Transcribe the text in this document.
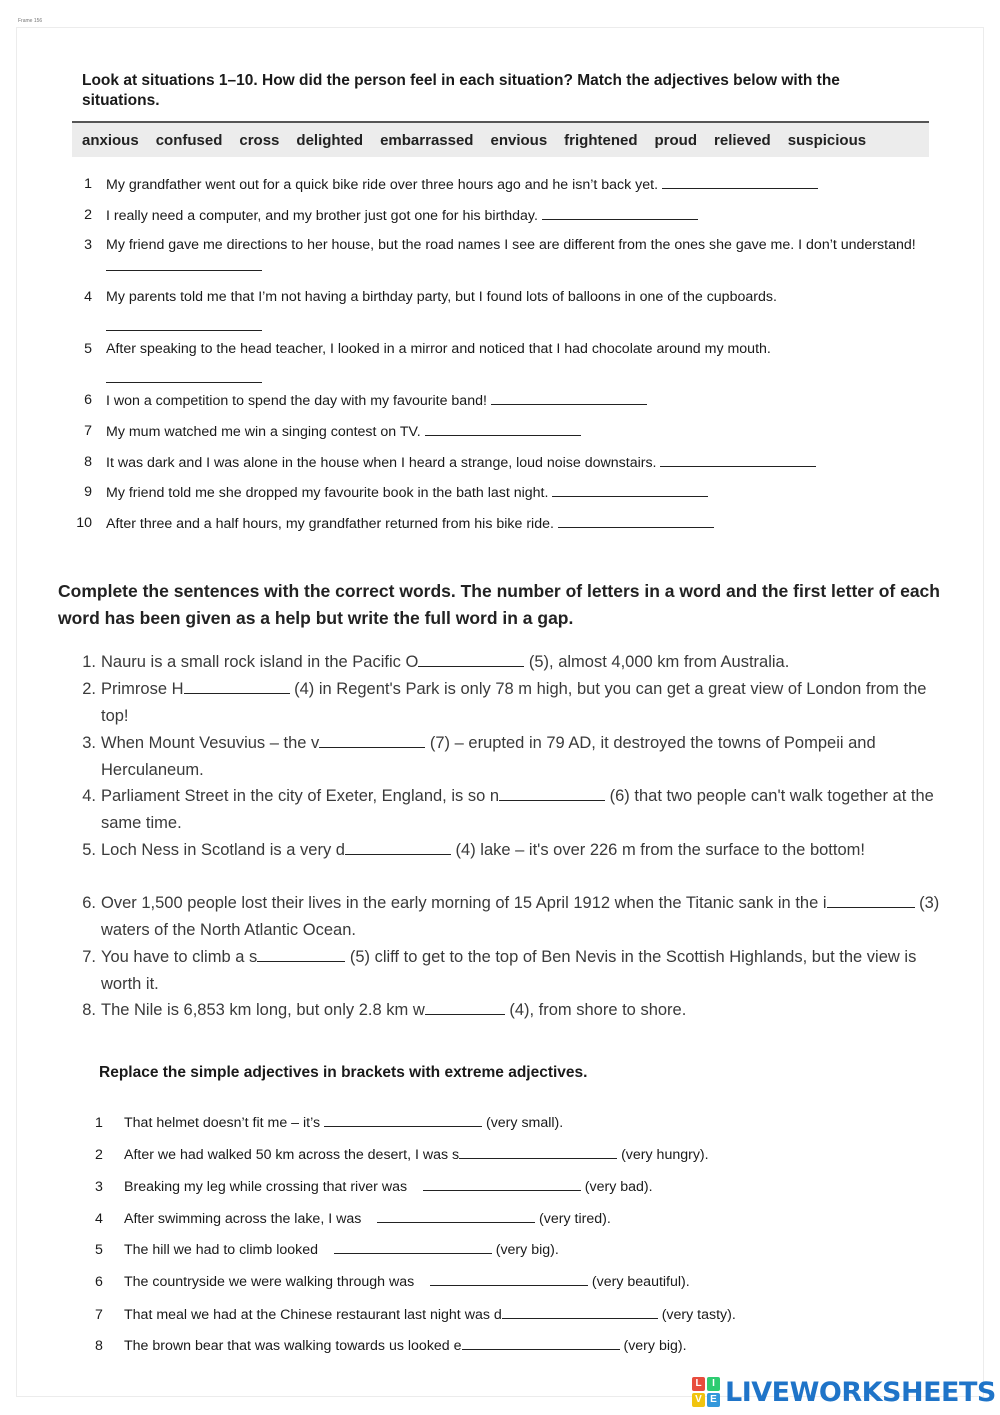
Frame 156
Look at situations 1–10. How did the person feel in each situation? Match the adjectives below with the situations.
anxious confused cross delighted embarrassed envious frightened proud relieved suspicious
1 My grandfather went out for a quick bike ride over three hours ago and he isn’t back yet.
2 I really need a computer, and my brother just got one for his birthday.
3 My friend gave me directions to her house, but the road names I see are different from the ones she gave me. I don’t understand!
4 My parents told me that I’m not having a birthday party, but I found lots of balloons in one of the cupboards.
5 After speaking to the head teacher, I looked in a mirror and noticed that I had chocolate around my mouth.
6 I won a competition to spend the day with my favourite band!
7 My mum watched me win a singing contest on TV.
8 It was dark and I was alone in the house when I heard a strange, loud noise downstairs.
9 My friend told me she dropped my favourite book in the bath last night.
10 After three and a half hours, my grandfather returned from his bike ride.
Complete the sentences with the correct words. The number of letters in a word and the first letter of each word has been given as a help but write the full word in a gap.
1. Nauru is a small rock island in the Pacific O	(5), almost 4,000 km from Australia.
2. Primrose H	(4) in Regent's Park is only 78 m high, but you can get a great view of London from the top!
3. When Mount Vesuvius – the v	(7) – erupted in 79 AD, it destroyed the towns of Pompeii and Herculaneum.
4. Parliament Street in the city of Exeter, England, is so n	(6) that two people can't walk together at the same time.
5. Loch Ness in Scotland is a very d	(4) lake – it's over 226 m from the surface to the bottom!
6. Over 1,500 people lost their lives in the early morning of 15 April 1912 when the Titanic sank in the i	(3) waters of the North Atlantic Ocean.
7. You have to climb a s	(5) cliff to get to the top of Ben Nevis in the Scottish Highlands, but the view is worth it.
8. The Nile is 6,853 km long, but only 2.8 km w	(4), from shore to shore.
Replace the simple adjectives in brackets with extreme adjectives.
1 That helmet doesn’t fit me – it’s	(very small).
2 After we had walked 50 km across the desert, I was s	(very hungry).
3 Breaking my leg while crossing that river was	(very bad).
4 After swimming across the lake, I was	(very tired).
5 The hill we had to climb looked	(very big).
6 The countryside we were walking through was	(very beautiful).
7 That meal we had at the Chinese restaurant last night was d	(very tasty).
8 The brown bear that was walking towards us looked e	(very big).
L	I
V E LIVEWORKSHEETS
